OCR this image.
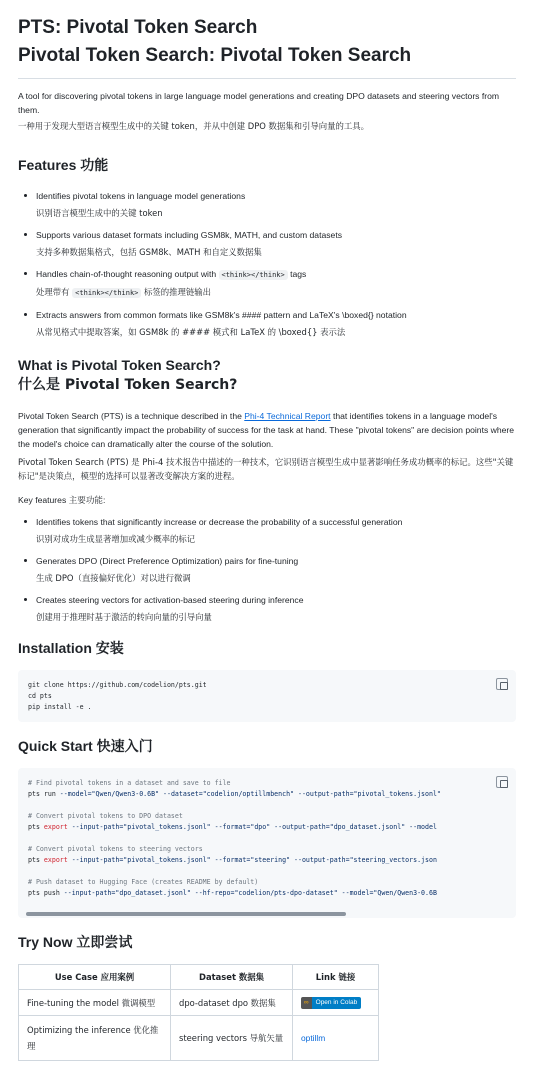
PTS: Pivotal Token Search
Pivotal Token Search: Pivotal Token Search

A tool for discovering pivotal tokens in large language model generations and creating DPO datasets and steering vectors from them.

一种用于发现大型语言模型生成中的关键 token，并从中创建 DPO 数据集和引导向量的工具。

Features 功能
Identifies pivotal tokens in language model generations
识别语言模型生成中的关键 token
Supports various dataset formats including GSM8k, MATH, and custom datasets
支持多种数据集格式，包括 GSM8k、MATH 和自定义数据集
Handles chain-of-thought reasoning output with <think></think> tags
处理带有 <think></think> 标签的推理链输出
Extracts answers from common formats like GSM8k's #### pattern and LaTeX's \boxed{} notation
从常见格式中提取答案，如 GSM8k 的 #### 模式和 LaTeX 的 \boxed{} 表示法
What is Pivotal Token Search?
什么是 Pivotal Token Search?

Pivotal Token Search (PTS) is a technique described in the Phi-4 Technical Report that identifies tokens in a language model's generation that significantly impact the probability of success for the task at hand. These "pivotal tokens" are decision points where the model's choice can dramatically alter the course of the solution.

Pivotal Token Search (PTS) 是 Phi-4 技术报告中描述的一种技术，它识别语言模型生成中显著影响任务成功概率的标记。这些"关键标记"是决策点，模型的选择可以显著改变解决方案的进程。

Key features 主要功能:

Identifies tokens that significantly increase or decrease the probability of a successful generation
识别对成功生成显著增加或减少概率的标记
Generates DPO (Direct Preference Optimization) pairs for fine-tuning
生成 DPO（直接偏好优化）对以进行微调
Creates steering vectors for activation-based steering during inference
创建用于推理时基于激活的转向向量的引导向量
Installation 安装
git clone https://github.com/codelion/pts.git
cd pts
pip install -e .
Quick Start 快速入门
# Find pivotal tokens in a dataset and save to file
pts run --model="Qwen/Qwen3-0.6B" --dataset="codelion/optillmbench" --output-path="pivotal_tokens.jsonl"

# Convert pivotal tokens to DPO dataset
pts export --input-path="pivotal_tokens.jsonl" --format="dpo" --output-path="dpo_dataset.jsonl" --model

# Convert pivotal tokens to steering vectors
pts export --input-path="pivotal_tokens.jsonl" --format="steering" --output-path="steering_vectors.json

# Push dataset to Hugging Face (creates README by default)
pts push --input-path="dpo_dataset.jsonl" --hf-repo="codelion/pts-dpo-dataset" --model="Qwen/Qwen3-0.6B
Try Now 立即尝试
Use Case 应用案例	Dataset 数据集	Link 链接
Fine-tuning the model 微调模型	dpo-dataset dpo 数据集	∞ Open in Colab

Optimizing the inference 优化推理	steering vectors 导航矢量	optillm
